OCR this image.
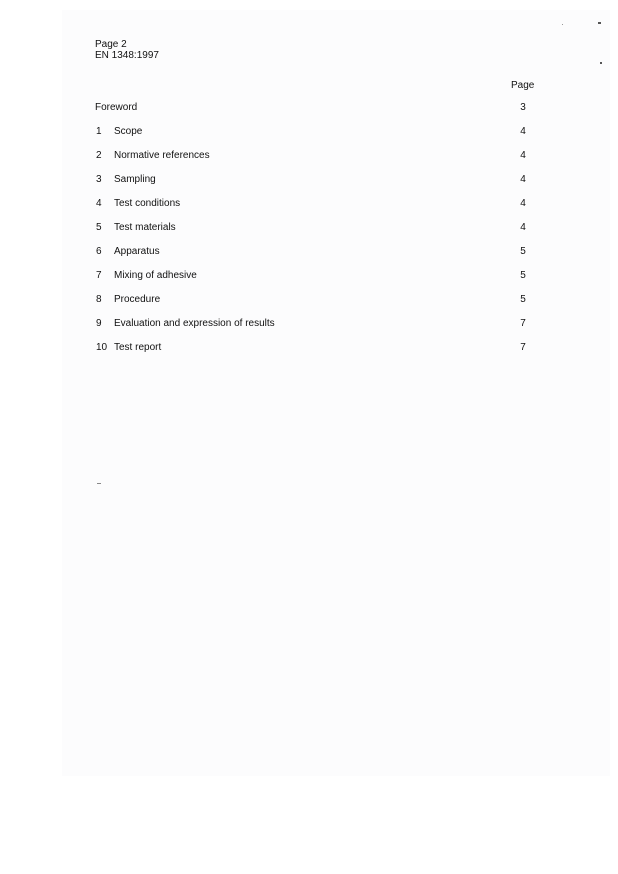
Page 2
EN 1348:1997
Page
Foreword	3
1 Scope	4
2 Normative references	4
3 Sampling	4
4 Test conditions	4
5 Test materials	4
6 Apparatus	5
7 Mixing of adhesive	5
8 Procedure	5
9 Evaluation and expression of results	7
10 Test report	7
